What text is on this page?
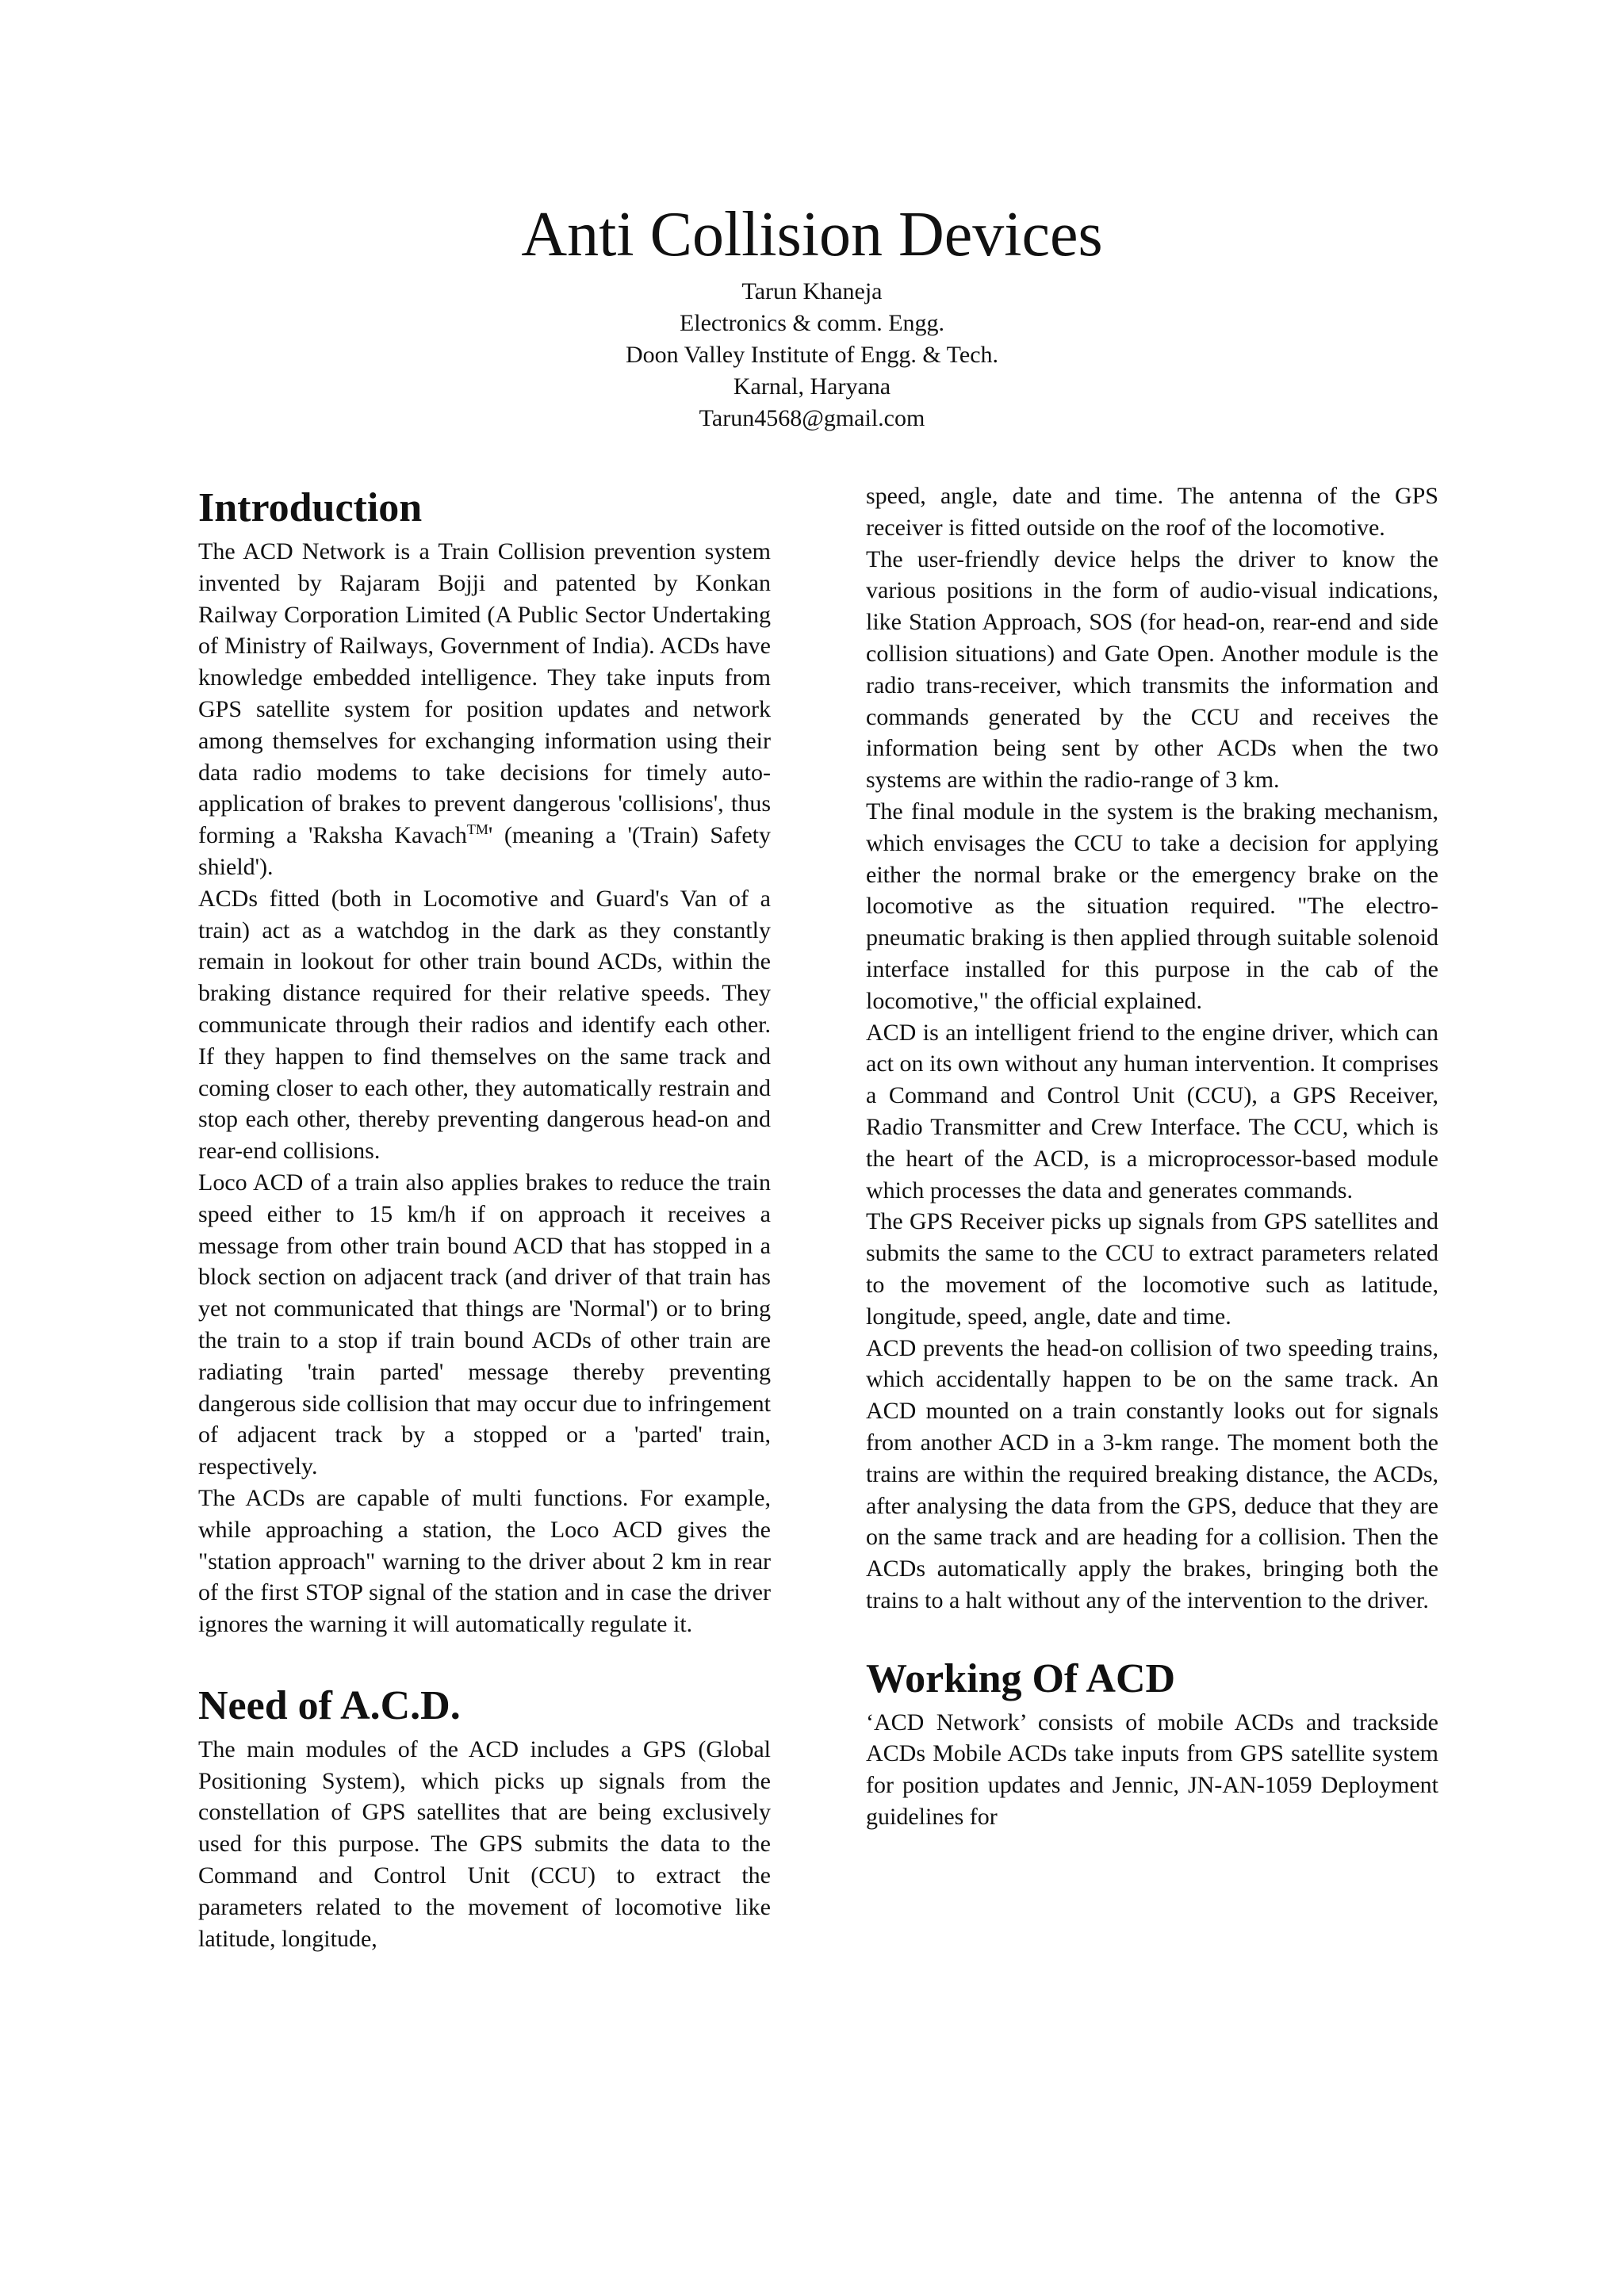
Anti Collision Devices
Tarun Khaneja
Electronics & comm. Engg.
Doon Valley Institute of Engg. & Tech.
Karnal, Haryana
Tarun4568@gmail.com
Introduction

The ACD Network is a Train Collision prevention system invented by Rajaram Bojji and patented by Konkan Railway Corporation Limited (A Public Sector Undertaking of Ministry of Railways, Government of India). ACDs have knowledge embedded intelligence. They take inputs from GPS satellite system for position updates and network among themselves for exchanging information using their data radio modems to take decisions for timely auto-application of brakes to prevent dangerous 'collisions', thus forming a 'Raksha Kavach™' (meaning a '(Train) Safety shield').

ACDs fitted (both in Locomotive and Guard's Van of a train) act as a watchdog in the dark as they constantly remain in lookout for other train bound ACDs, within the braking distance required for their relative speeds. They communicate through their radios and identify each other. If they happen to find themselves on the same track and coming closer to each other, they automatically restrain and stop each other, thereby preventing dangerous head-on and rear-end collisions.

Loco ACD of a train also applies brakes to reduce the train speed either to 15 km/h if on approach it receives a message from other train bound ACD that has stopped in a block section on adjacent track (and driver of that train has yet not communicated that things are 'Normal') or to bring the train to a stop if train bound ACDs of other train are radiating 'train parted' message thereby preventing dangerous side collision that may occur due to infringement of adjacent track by a stopped or a 'parted' train, respectively.

The ACDs are capable of multi functions. For example, while approaching a station, the Loco ACD gives the "station approach" warning to the driver about 2 km in rear of the first STOP signal of the station and in case the driver ignores the warning it will automatically regulate it.

Need of A.C.D.

The main modules of the ACD includes a GPS (Global Positioning System), which picks up signals from the constellation of GPS satellites that are being exclusively used for this purpose. The GPS submits the data to the Command and Control Unit (CCU) to extract the parameters related to the movement of locomotive like latitude, longitude,

speed, angle, date and time. The antenna of the GPS receiver is fitted outside on the roof of the locomotive.

The user-friendly device helps the driver to know the various positions in the form of audio-visual indications, like Station Approach, SOS (for head-on, rear-end and side collision situations) and Gate Open. Another module is the radio trans-receiver, which transmits the information and commands generated by the CCU and receives the information being sent by other ACDs when the two systems are within the radio-range of 3 km.

The final module in the system is the braking mechanism, which envisages the CCU to take a decision for applying either the normal brake or the emergency brake on the locomotive as the situation required. "The electro-pneumatic braking is then applied through suitable solenoid interface installed for this purpose in the cab of the locomotive," the official explained.

ACD is an intelligent friend to the engine driver, which can act on its own without any human intervention. It comprises a Command and Control Unit (CCU), a GPS Receiver, Radio Transmitter and Crew Interface. The CCU, which is the heart of the ACD, is a microprocessor-based module which processes the data and generates commands.

The GPS Receiver picks up signals from GPS satellites and submits the same to the CCU to extract parameters related to the movement of the locomotive such as latitude, longitude, speed, angle, date and time.

ACD prevents the head-on collision of two speeding trains, which accidentally happen to be on the same track. An ACD mounted on a train constantly looks out for signals from another ACD in a 3-km range. The moment both the trains are within the required breaking distance, the ACDs, after analysing the data from the GPS, deduce that they are on the same track and are heading for a collision. Then the ACDs automatically apply the brakes, bringing both the trains to a halt without any of the intervention to the driver.

Working Of ACD

‘ACD Network’ consists of mobile ACDs and trackside ACDs Mobile ACDs take inputs from GPS satellite system for position updates and Jennic, JN-AN-1059 Deployment guidelines for
